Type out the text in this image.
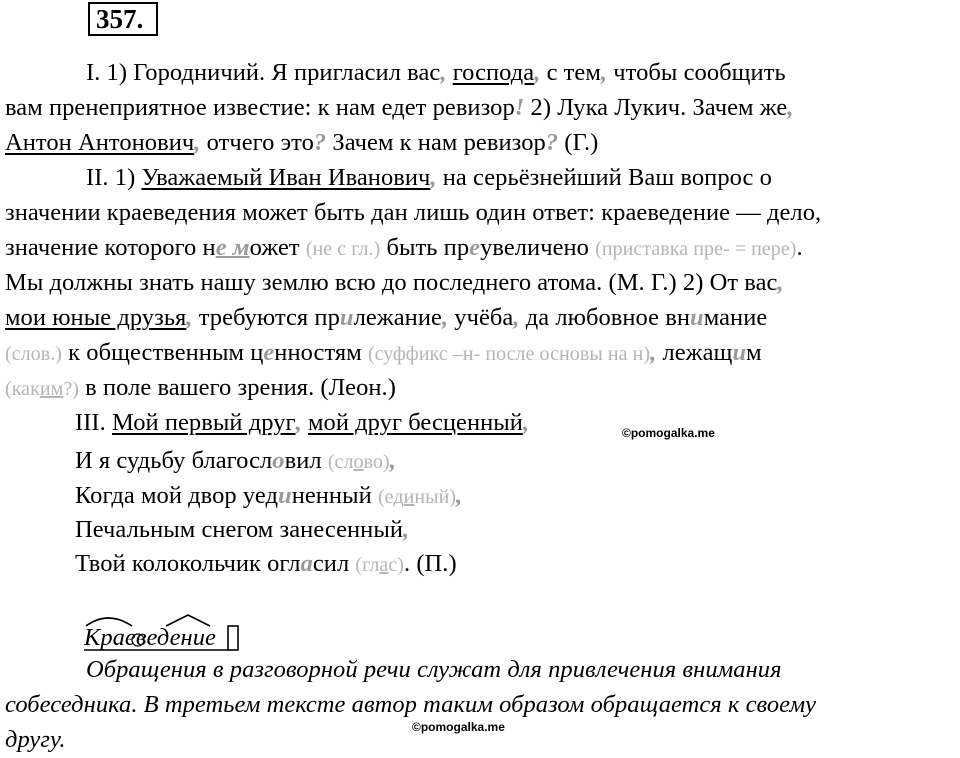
357.
I. 1) Городничий. Я пригласил вас, господа, с тем, чтобы сообщить
вам пренеприятное известие: к нам едет ревизор! 2) Лука Лукич. Зачем же,
Антон Антонович, отчего это? Зачем к нам ревизор? (Г.)
II. 1) Уважаемый Иван Иванович, на серьёзнейший Ваш вопрос о
значении краеведения может быть дан лишь один ответ: краеведение — дело,
значение которого не может (не с гл.) быть преувеличено (приставка пре- = пере).
Мы должны знать нашу землю всю до последнего атома. (М. Г.) 2) От вас,
мои юные друзья, требуются прилежание, учёба, да любовное внимание
(слов.) к общественным ценностям (суффикс –н- после основы на н), лежащим
(каким?) в поле вашего зрения. (Леон.)
III. Мой первый друг, мой друг бесценный,	©pomogalka.me
И я судьбу благословил (слово),
Когда мой двор уединенный (единый),
Печальным снегом занесенный,
Твой колокольчик огласил (глас). (П.)
Краеведение
Обращения в разговорной речи служат для привлечения внимания
собеседника. В третьем тексте автор таким образом обращается к своему
другу.	©pomogalka.me
